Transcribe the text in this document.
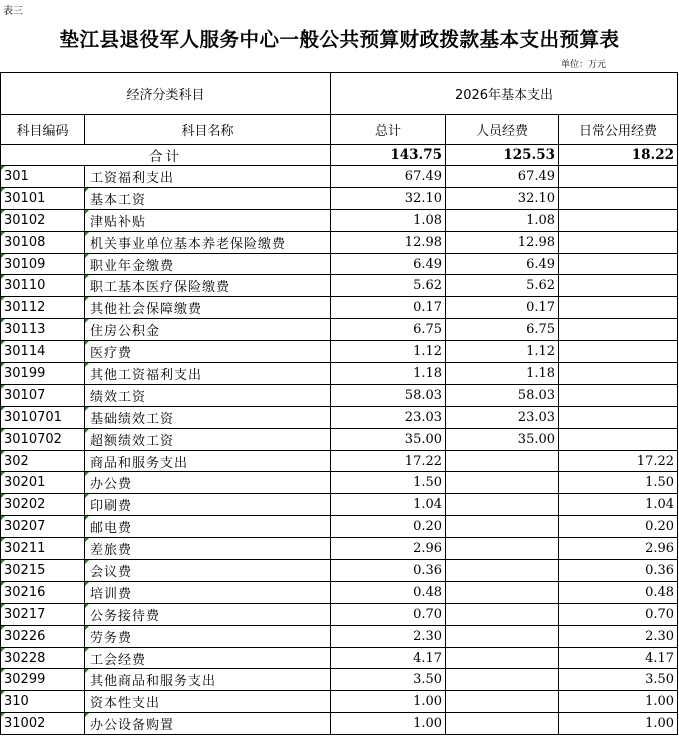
表三
垫江县退役军人服务中心一般公共预算财政拨款基本支出预算表
单位：万元
经济分类科目		2026年基本支出		
科目编码	科目名称	总计	人员经费	日常公用经费
合计		143.75	125.53	18.22

301	工资福利支出	67.49	67.49	

30101	基本工资	32.10	32.10	

30102	津贴补贴	1.08	1.08	

30108	机关事业单位基本养老保险缴费	12.98	12.98	

30109	职业年金缴费	6.49	6.49	

30110	职工基本医疗保险缴费	5.62	5.62	

30112	其他社会保障缴费	0.17	0.17	

30113	住房公积金	6.75	6.75	

30114	医疗费	1.12	1.12	

30199	其他工资福利支出	1.18	1.18	

30107	绩效工资	58.03	58.03	

3010701	基础绩效工资	23.03	23.03	

3010702	超额绩效工资	35.00	35.00	

302	商品和服务支出	17.22		17.22

30201	办公费	1.50		1.50

30202	印刷费	1.04		1.04

30207	邮电费	0.20		0.20

30211	差旅费	2.96		2.96

30215	会议费	0.36		0.36

30216	培训费	0.48		0.48

30217	公务接待费	0.70		0.70

30226	劳务费	2.30		2.30

30228	工会经费	4.17		4.17

30299	其他商品和服务支出	3.50		3.50

310	资本性支出	1.00		1.00

31002	办公设备购置	1.00		1.00
